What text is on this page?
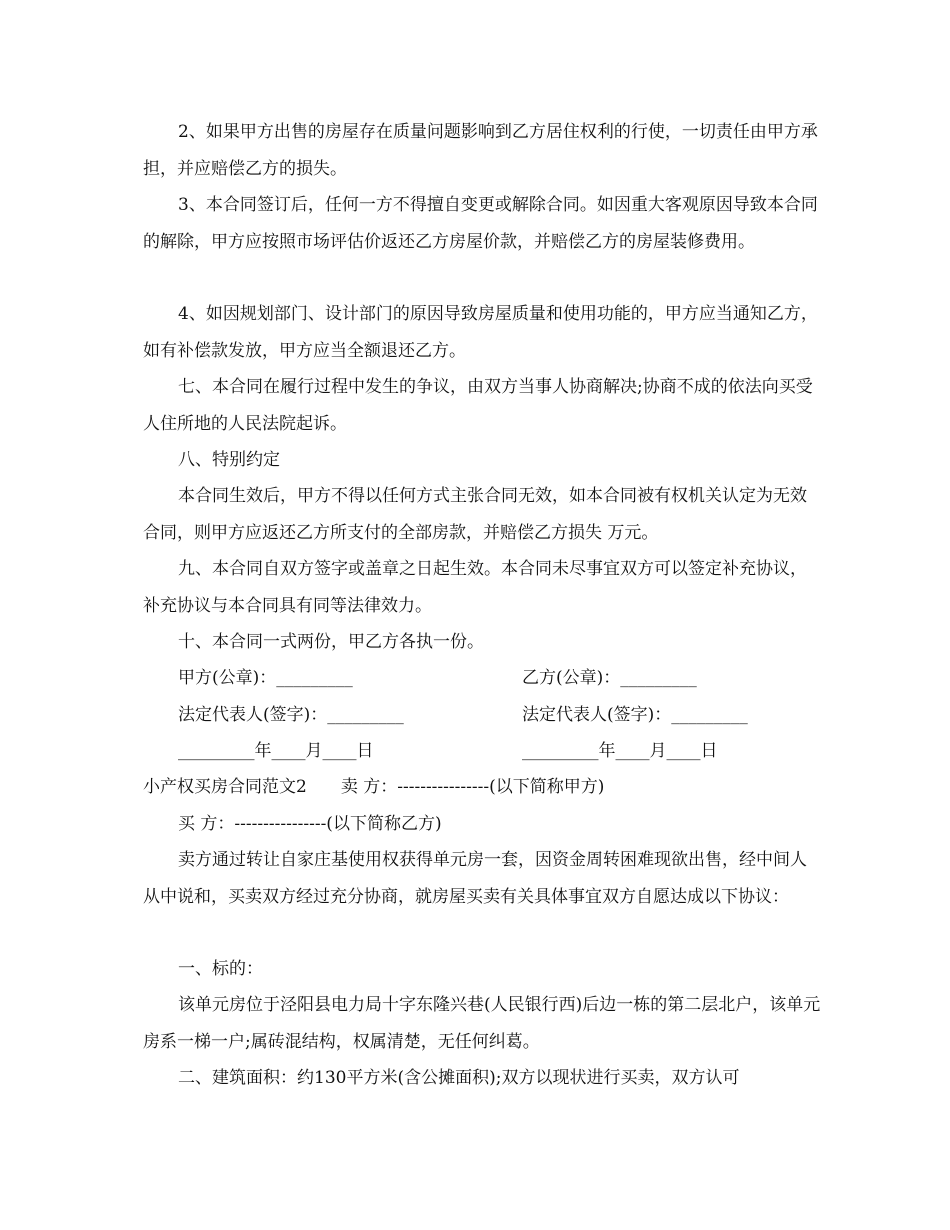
2、如果甲方出售的房屋存在质量问题影响到乙方居住权利的行使，一切责任由甲方承担，并应赔偿乙方的损失。
3、本合同签订后，任何一方不得擅自变更或解除合同。如因重大客观原因导致本合同的解除，甲方应按照市场评估价返还乙方房屋价款，并赔偿乙方的房屋装修费用。
4、如因规划部门、设计部门的原因导致房屋质量和使用功能的，甲方应当通知乙方，如有补偿款发放，甲方应当全额退还乙方。
七、本合同在履行过程中发生的争议，由双方当事人协商解决;协商不成的依法向买受人住所地的人民法院起诉。
八、特别约定
本合同生效后，甲方不得以任何方式主张合同无效，如本合同被有权机关认定为无效合同，则甲方应返还乙方所支付的全部房款，并赔偿乙方损失 万元。
九、本合同自双方签字或盖章之日起生效。本合同未尽事宜双方可以签定补充协议，补充协议与本合同具有同等法律效力。
十、本合同一式两份，甲乙方各执一份。
甲方(公章)：_________	乙方(公章)：_________
法定代表人(签字)：_________	法定代表人(签字)：_________
_________年____月____日	_________年____月____日
小产权买房合同范文2　　卖 方：----------------(以下简称甲方)
买 方：----------------(以下简称乙方)
卖方通过转让自家庄基使用权获得单元房一套，因资金周转困难现欲出售，经中间人从中说和，买卖双方经过充分协商，就房屋买卖有关具体事宜双方自愿达成以下协议：
一、标的：
该单元房位于泾阳县电力局十字东隆兴巷(人民银行西)后边一栋的第二层北户，该单元房系一梯一户;属砖混结构，权属清楚，无任何纠葛。
二、建筑面积：约130平方米(含公摊面积);双方以现状进行买卖，双方认可
